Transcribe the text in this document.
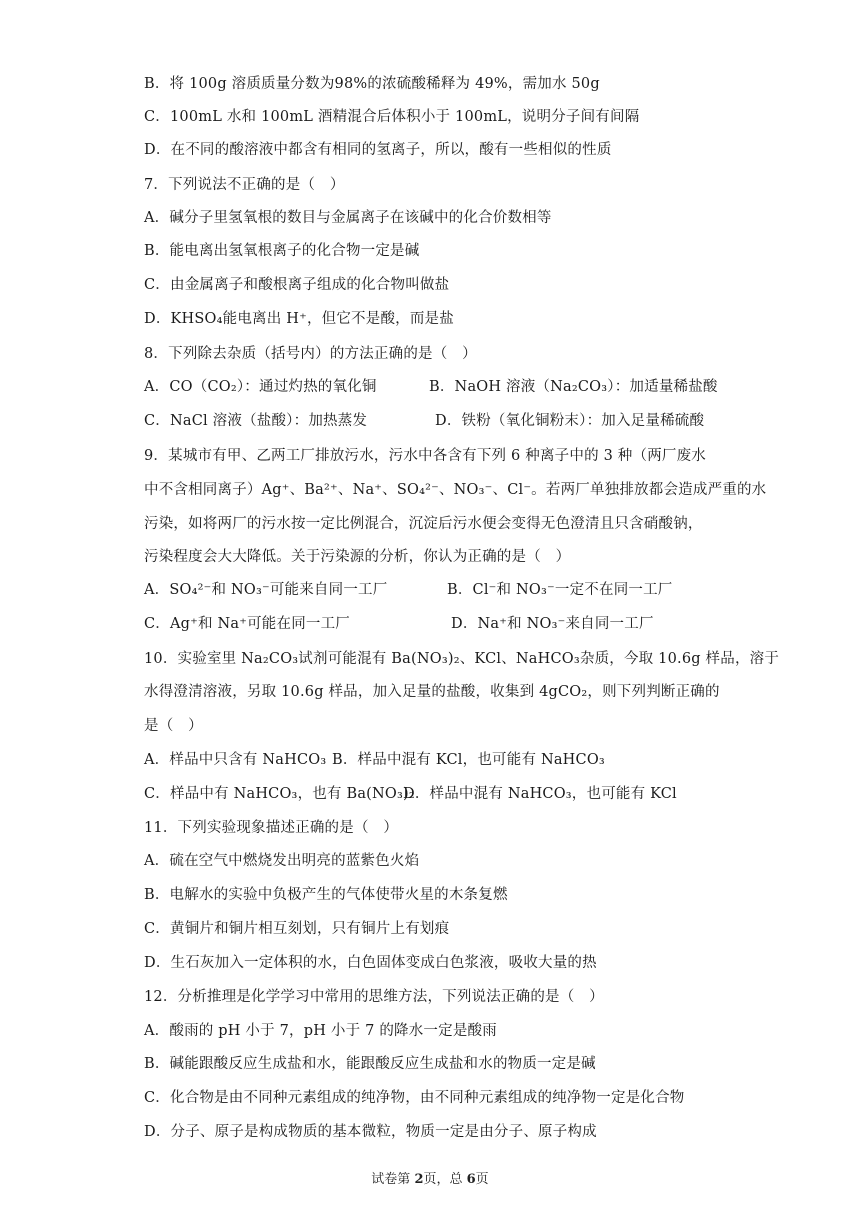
B．将 100g 溶质质量分数为98%的浓硫酸稀释为 49%，需加水 50g
C．100mL 水和 100mL 酒精混合后体积小于 100mL，说明分子间有间隔
D．在不同的酸溶液中都含有相同的氢离子，所以，酸有一些相似的性质
7．下列说法不正确的是（　）
A．碱分子里氢氧根的数目与金属离子在该碱中的化合价数相等
B．能电离出氢氧根离子的化合物一定是碱
C．由金属离子和酸根离子组成的化合物叫做盐
D．KHSO₄能电离出 H⁺，但它不是酸，而是盐
8．下列除去杂质（括号内）的方法正确的是（　）
A．CO（CO₂）：通过灼热的氧化铜	B．NaOH 溶液（Na₂CO₃）：加适量稀盐酸
C．NaCl 溶液（盐酸）：加热蒸发	D．铁粉（氧化铜粉末）：加入足量稀硫酸
9．某城市有甲、乙两工厂排放污水，污水中各含有下列 6 种离子中的 3 种（两厂废水
中不含相同离子）Ag⁺、Ba²⁺、Na⁺、SO₄²⁻、NO₃⁻、Cl⁻。若两厂单独排放都会造成严重的水
污染，如将两厂的污水按一定比例混合，沉淀后污水便会变得无色澄清且只含硝酸钠，
污染程度会大大降低。关于污染源的分析，你认为正确的是（　）
A．SO₄²⁻和 NO₃⁻可能来自同一工厂	B．Cl⁻和 NO₃⁻一定不在同一工厂
C．Ag⁺和 Na⁺可能在同一工厂	D．Na⁺和 NO₃⁻来自同一工厂
10．实验室里 Na₂CO₃试剂可能混有 Ba(NO₃)₂、KCl、NaHCO₃杂质，今取 10.6g 样品，溶于
水得澄清溶液，另取 10.6g 样品，加入足量的盐酸，收集到 4gCO₂，则下列判断正确的
是（　）
A．样品中只含有 NaHCO₃ B．样品中混有 KCl，也可能有 NaHCO₃
C．样品中有 NaHCO₃，也有 Ba(NO₃)₂
D．样品中混有 NaHCO₃，也可能有 KCl
11．下列实验现象描述正确的是（　）
A．硫在空气中燃烧发出明亮的蓝紫色火焰
B．电解水的实验中负极产生的气体使带火星的木条复燃
C．黄铜片和铜片相互刻划，只有铜片上有划痕
D．生石灰加入一定体积的水，白色固体变成白色浆液，吸收大量的热
12．分析推理是化学学习中常用的思维方法，下列说法正确的是（　）
A．酸雨的 pH 小于 7，pH 小于 7 的降水一定是酸雨
B．碱能跟酸反应生成盐和水，能跟酸反应生成盐和水的物质一定是碱
C．化合物是由不同种元素组成的纯净物，由不同种元素组成的纯净物一定是化合物
D．分子、原子是构成物质的基本微粒，物质一定是由分子、原子构成
试卷第 2页，总 6页
